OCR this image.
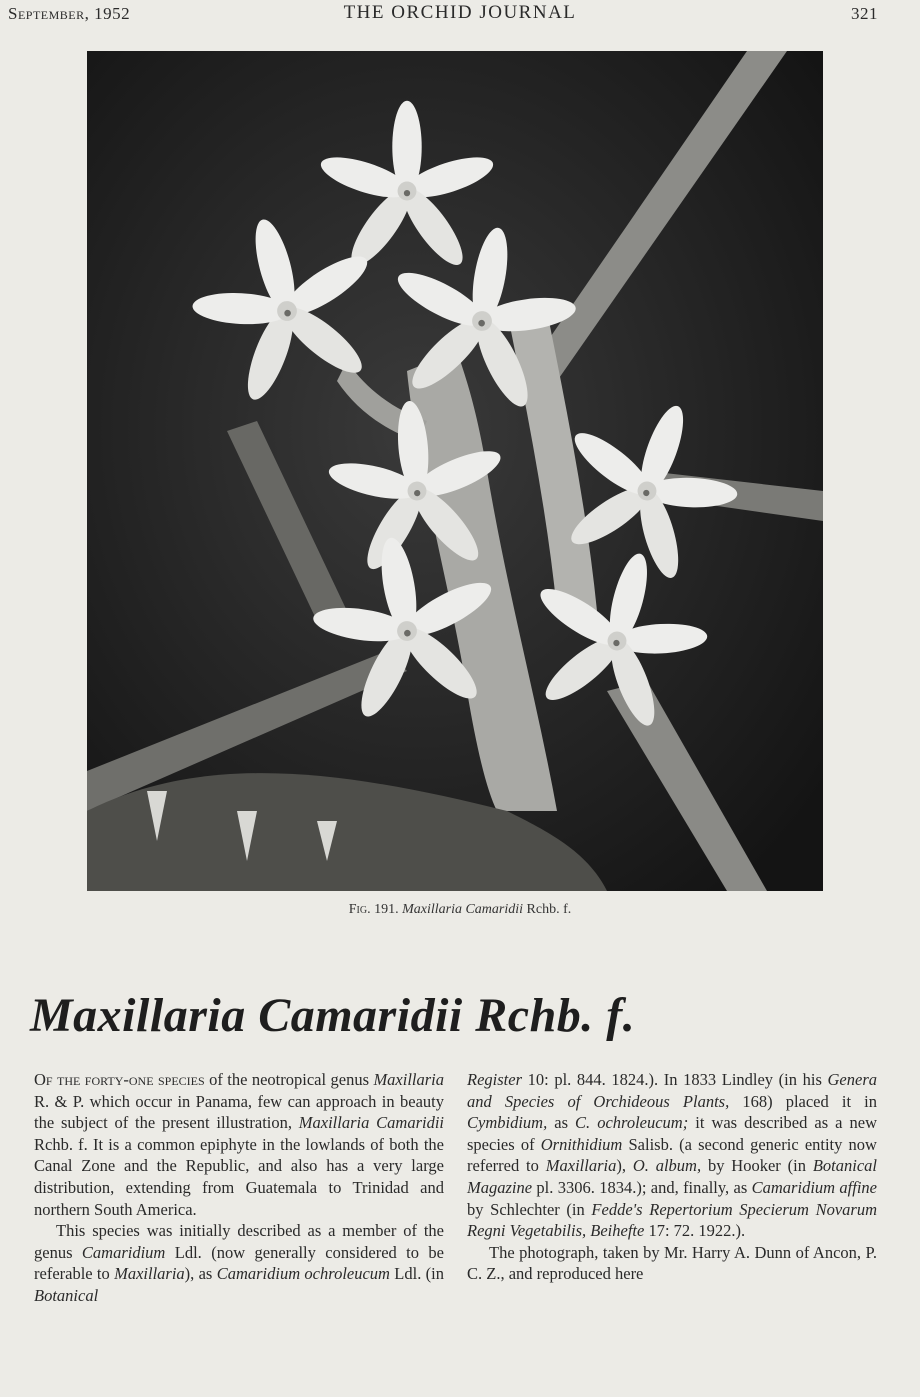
September, 1952	THE ORCHID JOURNAL	321
Fig. 191. Maxillaria Camaridii Rchb. f.
Maxillaria Camaridii Rchb. f.

Of the forty-one species of the neotropical genus Maxillaria R. & P. which occur in Panama, few can approach in beauty the subject of the present illustration, Maxillaria Camaridii Rchb. f. It is a common epiphyte in the lowlands of both the Canal Zone and the Republic, and also has a very large distribution, extending from Guatemala to Trinidad and northern South America.

This species was initially described as a member of the genus Camaridium Ldl. (now generally considered to be referable to Maxillaria), as Camaridium ochroleucum Ldl. (in Botanical

Register 10: pl. 844. 1824.). In 1833 Lindley (in his Genera and Species of Orchideous Plants, 168) placed it in Cymbidium, as C. ochroleucum; it was described as a new species of Ornithidium Salisb. (a second generic entity now referred to Maxillaria), O. album, by Hooker (in Botanical Magazine pl. 3306. 1834.); and, finally, as Camaridium affine by Schlechter (in Fedde's Repertorium Specierum Novarum Regni Vegetabilis, Beihefte 17: 72. 1922.).

The photograph, taken by Mr. Harry A. Dunn of Ancon, P. C. Z., and reproduced here
